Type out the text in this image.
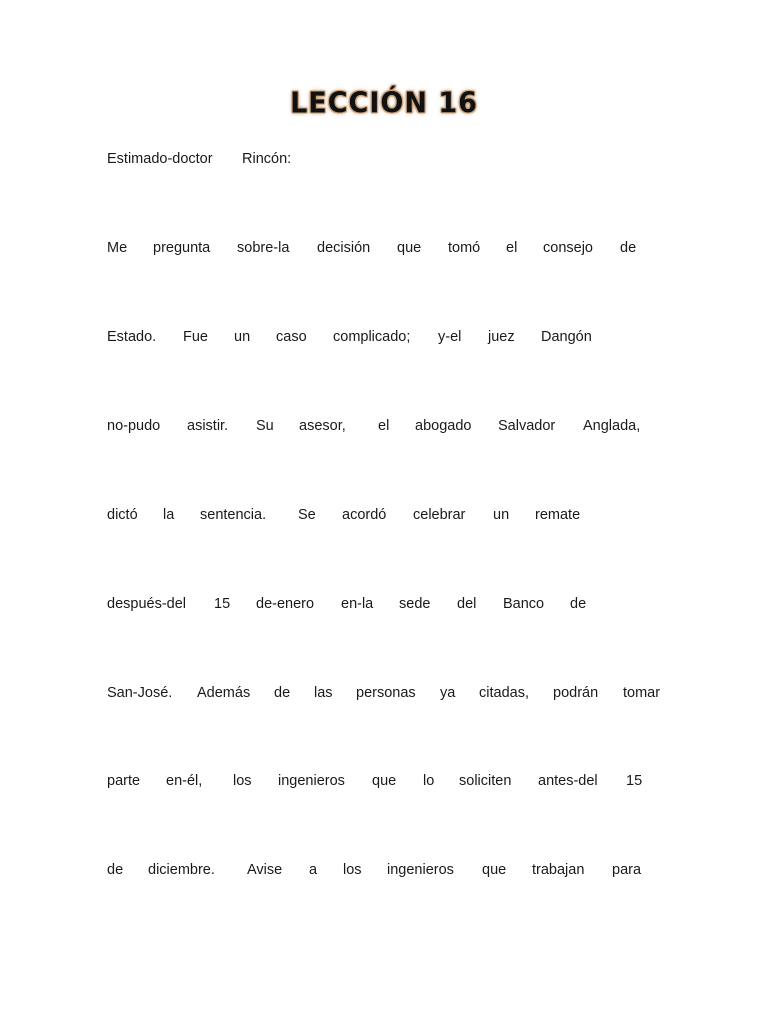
LECCIÓN 16
Estimado-doctor Rincón:
Me pregunta sobre-la decisión que tomó el consejo de
Estado. Fue un caso complicado; y-el juez Dangón
no-pudo asistir. Su asesor, el abogado Salvador Anglada,
dictó la sentencia. Se acordó celebrar un remate
después-del 15 de-enero en-la sede del Banco de
San-José. Además de las personas ya citadas, podrán tomar
parte en-él, los ingenieros que lo soliciten antes-del 15
de diciembre. Avise a los ingenieros que trabajan para
